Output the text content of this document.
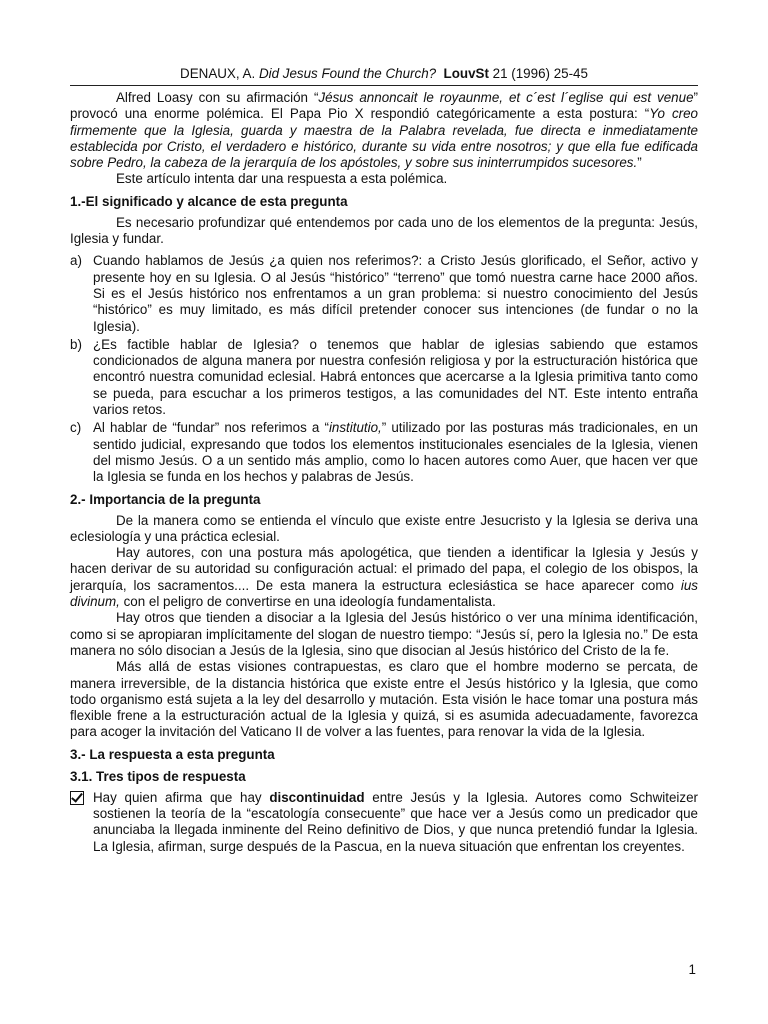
DENAUX, A. Did Jesus Found the Church? LouvSt 21 (1996) 25-45

Alfred Loasy con su afirmación “Jésus annoncait le royaunme, et c´est l´eglise qui est venue” provocó una enorme polémica. El Papa Pio X respondió categóricamente a esta postura: “Yo creo firmemente que la Iglesia, guarda y maestra de la Palabra revelada, fue directa e inmediatamente establecida por Cristo, el verdadero e histórico, durante su vida entre nosotros; y que ella fue edificada sobre Pedro, la cabeza de la jerarquía de los apóstoles, y sobre sus ininterrumpidos sucesores.”

Este artículo intenta dar una respuesta a esta polémica.

1.-El significado y alcance de esta pregunta

Es necesario profundizar qué entendemos por cada uno de los elementos de la pregunta: Jesús, Iglesia y fundar.

a) Cuando hablamos de Jesús ¿a quien nos referimos?: a Cristo Jesús glorificado, el Señor, activo y presente hoy en su Iglesia. O al Jesús “histórico” “terreno” que tomó nuestra carne hace 2000 años. Si es el Jesús histórico nos enfrentamos a un gran problema: si nuestro conocimiento del Jesús “histórico” es muy limitado, es más difícil pretender conocer sus intenciones (de fundar o no la Iglesia).
b) ¿Es factible hablar de Iglesia? o tenemos que hablar de iglesias sabiendo que estamos condicionados de alguna manera por nuestra confesión religiosa y por la estructuración histórica que encontró nuestra comunidad eclesial. Habrá entonces que acercarse a la Iglesia primitiva tanto como se pueda, para escuchar a los primeros testigos, a las comunidades del NT. Este intento entraña varios retos.
c) Al hablar de “fundar” nos referimos a “institutio,” utilizado por las posturas más tradicionales, en un sentido judicial, expresando que todos los elementos institucionales esenciales de la Iglesia, vienen del mismo Jesús. O a un sentido más amplio, como lo hacen autores como Auer, que hacen ver que la Iglesia se funda en los hechos y palabras de Jesús.
2.- Importancia de la pregunta

De la manera como se entienda el vínculo que existe entre Jesucristo y la Iglesia se deriva una eclesiología y una práctica eclesial.

Hay autores, con una postura más apologética, que tienden a identificar la Iglesia y Jesús y hacen derivar de su autoridad su configuración actual: el primado del papa, el colegio de los obispos, la jerarquía, los sacramentos.... De esta manera la estructura eclesiástica se hace aparecer como ius divinum, con el peligro de convertirse en una ideología fundamentalista.

Hay otros que tienden a disociar a la Iglesia del Jesús histórico o ver una mínima identificación, como si se apropiaran implícitamente del slogan de nuestro tiempo: “Jesús sí, pero la Iglesia no.” De esta manera no sólo disocian a Jesús de la Iglesia, sino que disocian al Jesús histórico del Cristo de la fe.

Más allá de estas visiones contrapuestas, es claro que el hombre moderno se percata, de manera irreversible, de la distancia histórica que existe entre el Jesús histórico y la Iglesia, que como todo organismo está sujeta a la ley del desarrollo y mutación. Esta visión le hace tomar una postura más flexible frene a la estructuración actual de la Iglesia y quizá, si es asumida adecuadamente, favorezca para acoger la invitación del Vaticano II de volver a las fuentes, para renovar la vida de la Iglesia.

3.- La respuesta a esta pregunta
3.1. Tres tipos de respuesta
Hay quien afirma que hay discontinuidad entre Jesús y la Iglesia. Autores como Schwiteizer sostienen la teoría de la “escatología consecuente” que hace ver a Jesús como un predicador que anunciaba la llegada inminente del Reino definitivo de Dios, y que nunca pretendió fundar la Iglesia. La Iglesia, afirman, surge después de la Pascua, en la nueva situación que enfrentan los creyentes.
1
